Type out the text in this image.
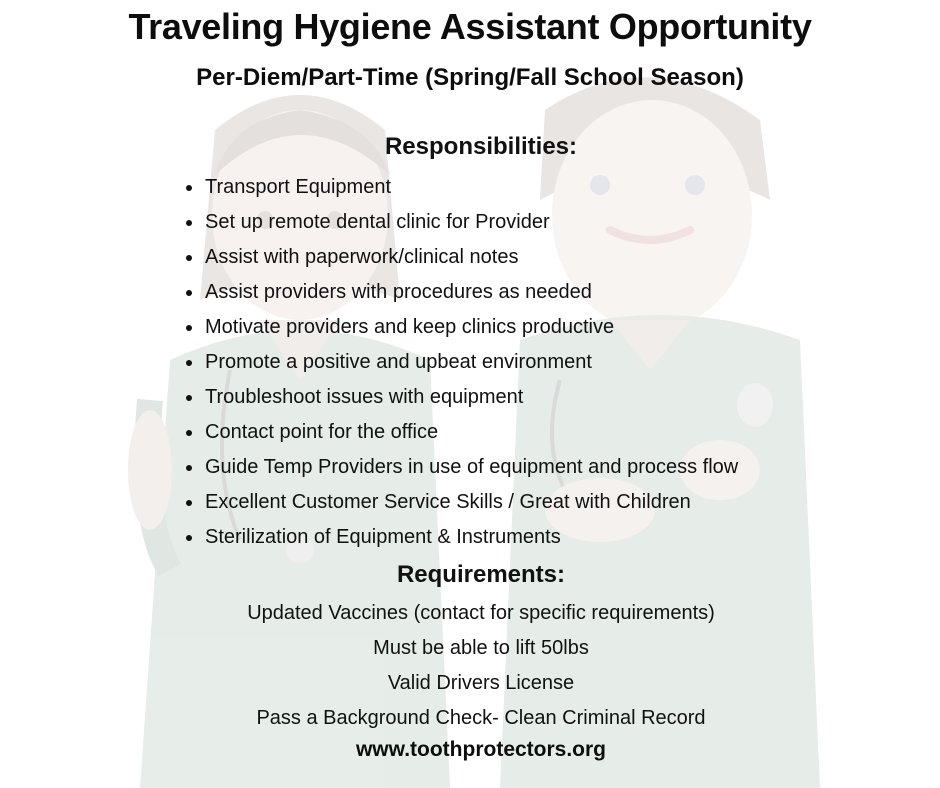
Traveling Hygiene Assistant Opportunity
Per-Diem/Part-Time (Spring/Fall School Season)
Responsibilities:
Transport Equipment
Set up remote dental clinic for Provider
Assist with paperwork/clinical notes
Assist providers with procedures as needed
Motivate providers and keep clinics productive
Promote a positive and upbeat environment
Troubleshoot issues with equipment
Contact point for the office
Guide Temp Providers in use of equipment and process flow
Excellent Customer Service Skills / Great with Children
Sterilization of Equipment & Instruments
Requirements:
Updated Vaccines (contact for specific requirements)
Must be able to lift 50lbs
Valid Drivers License
Pass a Background Check- Clean Criminal Record
www.toothprotectors.org
